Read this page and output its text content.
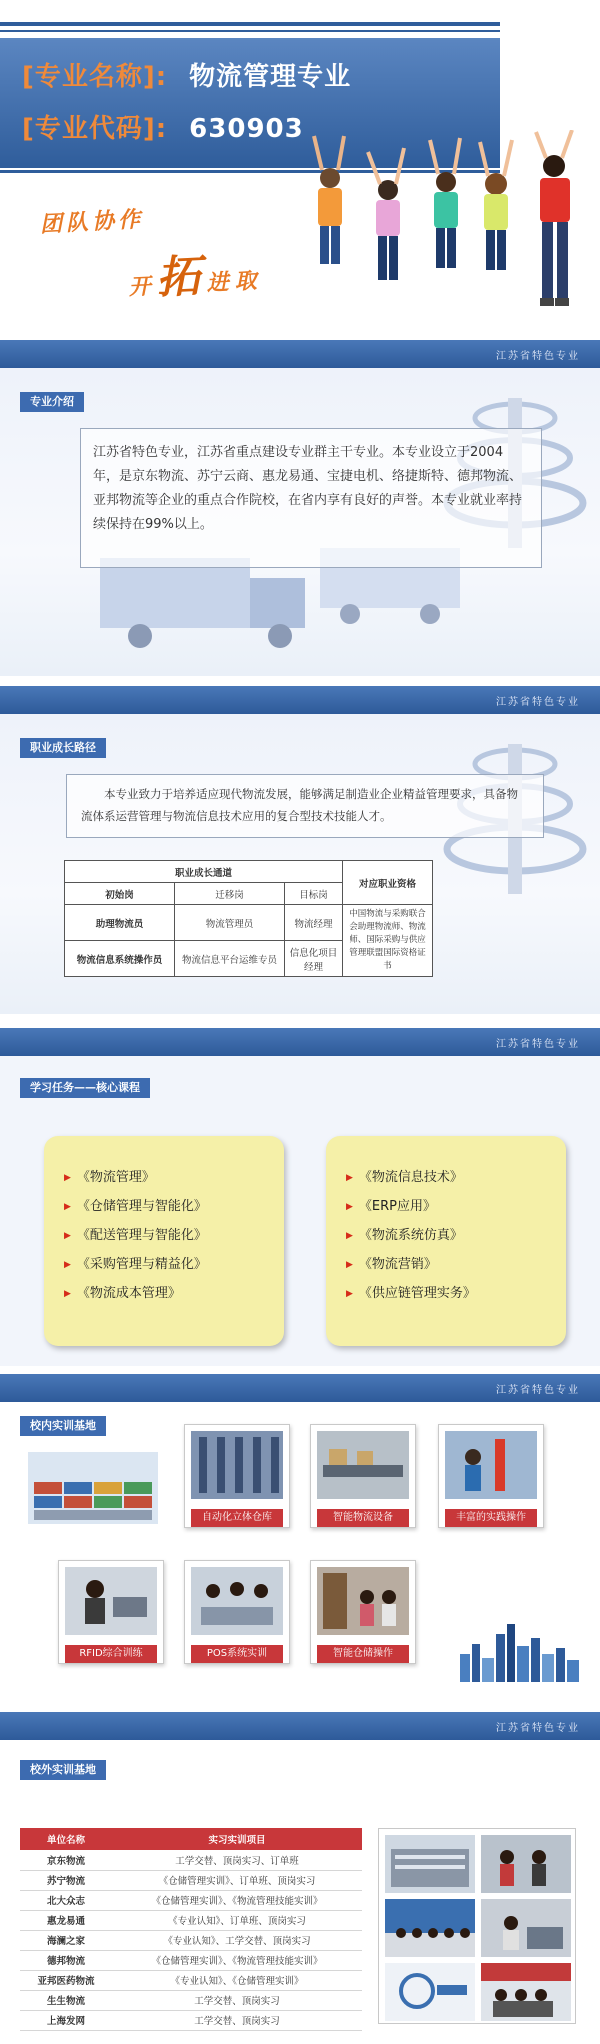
[专业名称]: 物流管理专业
[专业代码]: 630903
团队协作
开拓进取
江苏省特色专业
专业介绍
江苏省特色专业，江苏省重点建设专业群主干专业。本专业设立于2004年，是京东物流、苏宁云商、惠龙易通、宝捷电机、络捷斯特、德邦物流、亚邦物流等企业的重点合作院校，在省内享有良好的声誉。本专业就业率持续保持在99%以上。
江苏省特色专业
职业成长路径
本专业致力于培养适应现代物流发展，能够满足制造业企业精益管理要求，具备物流体系运营管理与物流信息技术应用的复合型技术技能人才。
职业成长通道			对应职业资格
初始岗	迁移岗	目标岗	
助理物流员	物流管理员	物流经理	中国物流与采购联合会助理物流师、物流师、国际采购与供应管理联盟国际资格证书
物流信息系统操作员	物流信息平台运维专员	信息化项目经理	
江苏省特色专业
学习任务——核心课程
▶ 《物流管理》
▶ 《仓储管理与智能化》
▶ 《配送管理与智能化》
▶ 《采购管理与精益化》
▶ 《物流成本管理》
▶ 《物流信息技术》
▶ 《ERP应用》
▶ 《物流系统仿真》
▶ 《物流营销》
▶ 《供应链管理实务》
江苏省特色专业
校内实训基地
自动化立体仓库	智能物流设备	丰富的实践操作
RFID综合训练	POS系统实训	智能仓储操作
江苏省特色专业
校外实训基地
单位名称	实习实训项目
京东物流	工学交替、顶岗实习、订单班
苏宁物流	《仓储管理实训》、订单班、顶岗实习
北大众志	《仓储管理实训》、《物流管理技能实训》
惠龙易通	《专业认知》、订单班、顶岗实习
海澜之家	《专业认知》、工学交替、顶岗实习
德邦物流	《仓储管理实训》、《物流管理技能实训》
亚邦医药物流	《专业认知》、《仓储管理实训》
生生物流	工学交替、顶岗实习
上海发网	工学交替、顶岗实习
